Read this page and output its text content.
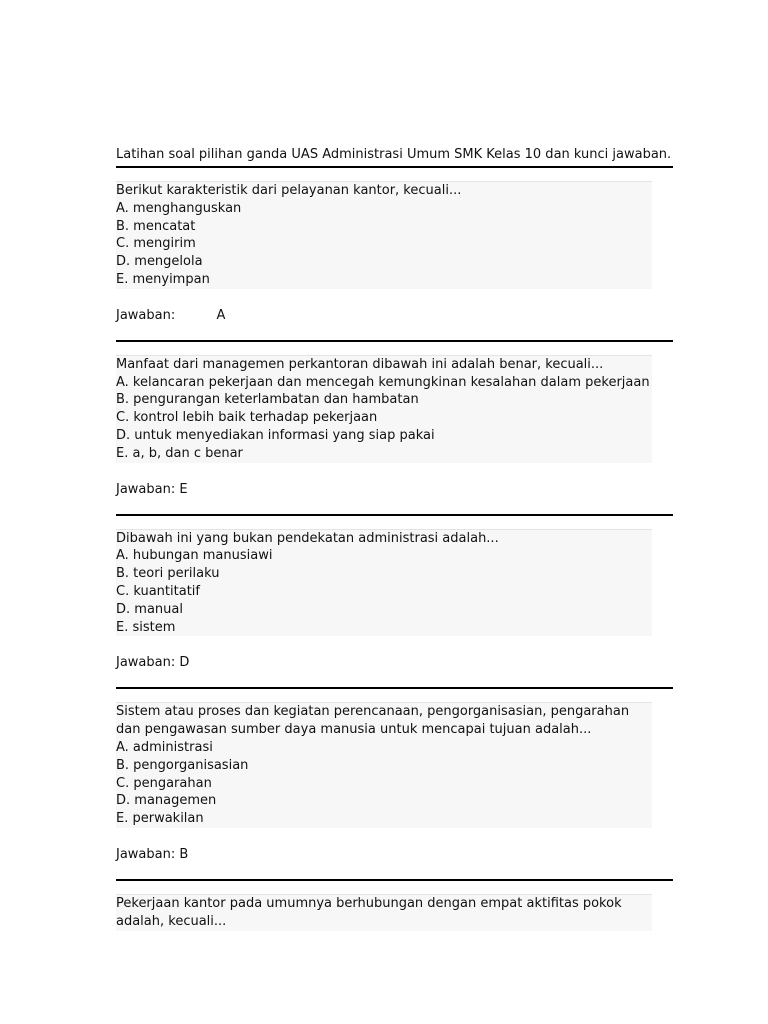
Latihan soal pilihan ganda UAS Administrasi Umum SMK Kelas 10 dan kunci jawaban.
Berikut karakteristik dari pelayanan kantor, kecuali...
A. menghanguskan
B. mencatat
C. mengirim
D. mengelola
E. menyimpan
Jawaban:          A
Manfaat dari managemen perkantoran dibawah ini adalah benar, kecuali...
A. kelancaran pekerjaan dan mencegah kemungkinan kesalahan dalam pekerjaan
B. pengurangan keterlambatan dan hambatan
C. kontrol lebih baik terhadap pekerjaan
D. untuk menyediakan informasi yang siap pakai
E. a, b, dan c benar
Jawaban: E
Dibawah ini yang bukan pendekatan administrasi adalah...
A. hubungan manusiawi
B. teori perilaku
C. kuantitatif
D. manual
E. sistem
Jawaban: D
Sistem atau proses dan kegiatan perencanaan, pengorganisasian, pengarahan dan pengawasan sumber daya manusia untuk mencapai tujuan adalah...
A. administrasi
B. pengorganisasian
C. pengarahan
D. managemen
E. perwakilan
Jawaban: B
Pekerjaan kantor pada umumnya berhubungan dengan empat aktifitas pokok adalah, kecuali...
